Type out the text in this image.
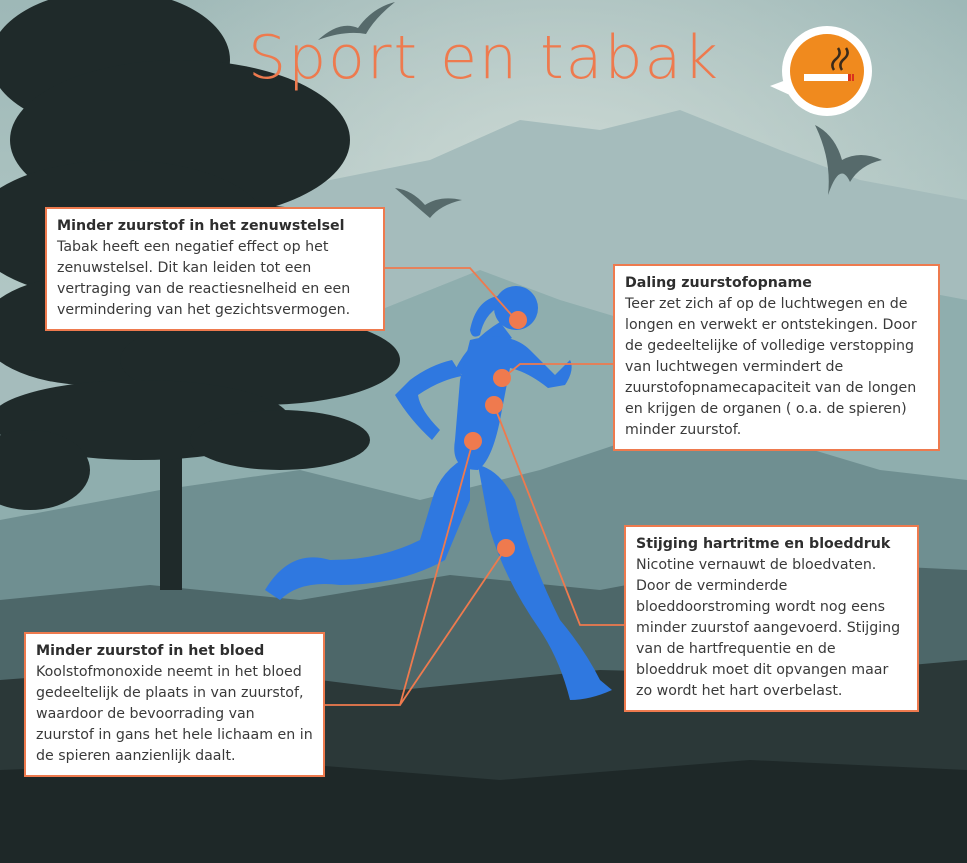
Sport en tabak
Minder zuurstof in het zenuwstelsel
Tabak heeft een negatief effect op het zenuwstelsel. Dit kan leiden tot een vertraging van de reactiesnelheid en een vermindering van het gezichtsvermogen.
Daling zuurstofopname
Teer zet zich af op de luchtwegen en de longen en verwekt er ontstekingen. Door de gedeeltelijke of volledige verstopping van luchtwegen vermindert de zuurstofopnamecapaciteit van de longen en krijgen de organen ( o.a. de spieren) minder zuurstof.
Stijging hartritme en bloeddruk
Nicotine vernauwt de bloedvaten. Door de verminderde bloeddoorstroming wordt nog eens minder zuurstof aangevoerd. Stijging van de hartfrequentie en de bloeddruk moet dit opvangen maar zo wordt het hart overbelast.
Minder zuurstof in het bloed
Koolstofmonoxide neemt in het bloed gedeeltelijk de plaats in van zuurstof, waardoor de bevoorrading van zuurstof in gans het hele lichaam en in de spieren aanzienlijk daalt.
